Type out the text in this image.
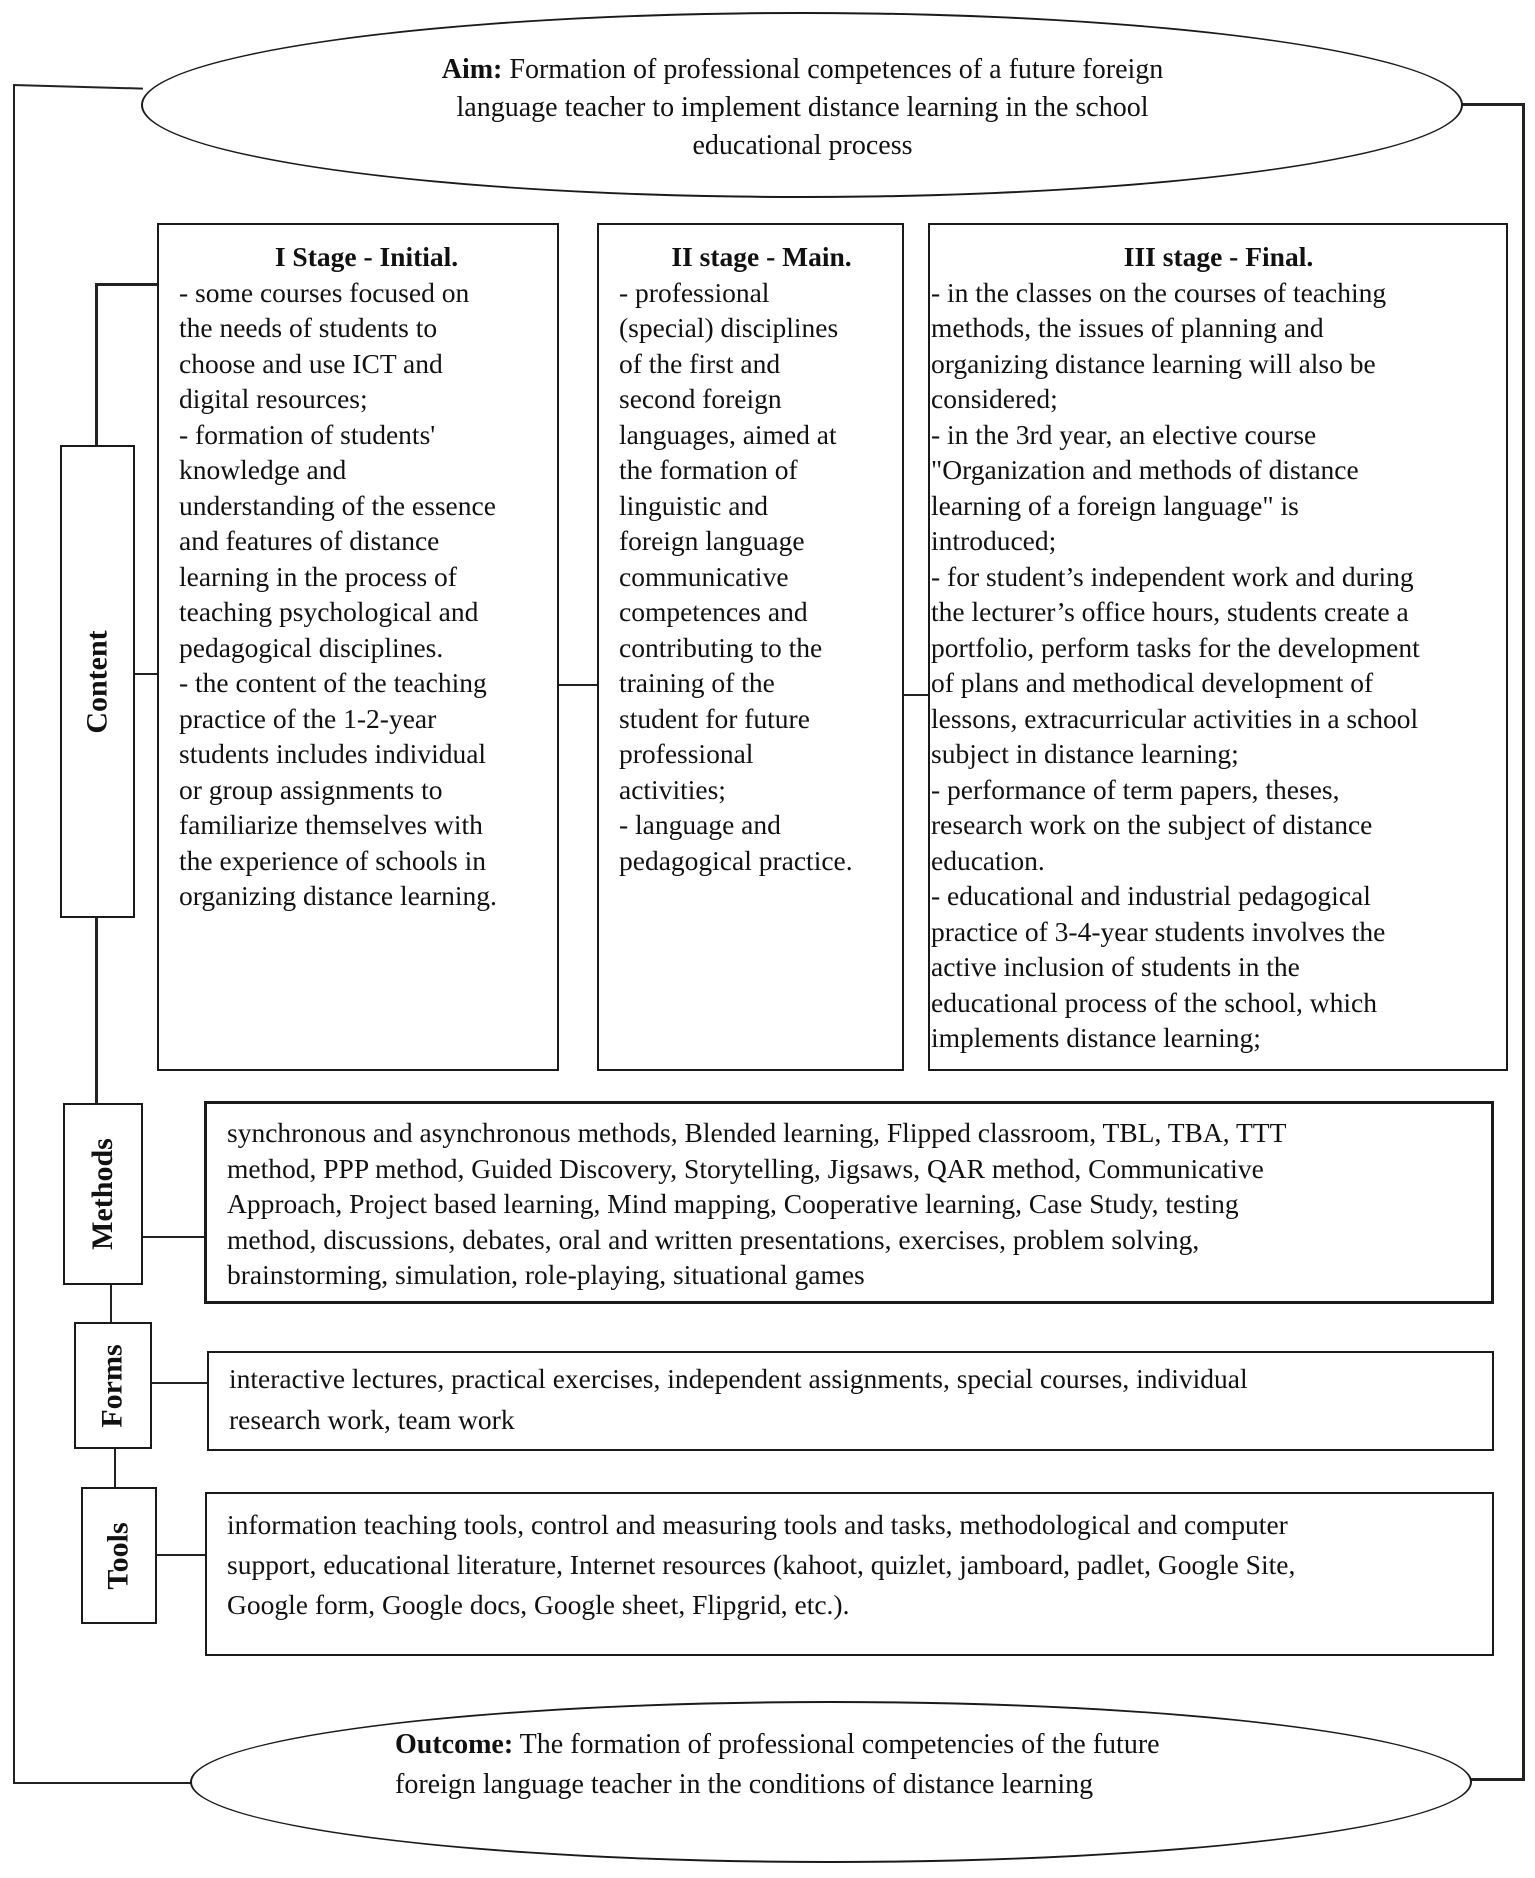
Aim: Formation of professional competences of a future foreign
language teacher to implement distance learning in the school
educational process
Content
I Stage - Initial.
- some courses focused on
the needs of students to
choose and use ICT and
digital resources;
- formation of students'
knowledge and
understanding of the essence
and features of distance
learning in the process of
teaching psychological and
pedagogical disciplines.
- the content of the teaching
practice of the 1-2-year
students includes individual
or group assignments to
familiarize themselves with
the experience of schools in
organizing distance learning.
II stage - Main.
- professional
(special) disciplines
of the first and
second foreign
languages, aimed at
the formation of
linguistic and
foreign language
communicative
competences and
contributing to the
training of the
student for future
professional
activities;
- language and
pedagogical practice.
III stage - Final.
- in the classes on the courses of teaching
methods, the issues of planning and
organizing distance learning will also be
considered;
- in the 3rd year, an elective course
"Organization and methods of distance
learning of a foreign language" is
introduced;
- for student’s independent work and during
the lecturer’s office hours, students create a
portfolio, perform tasks for the development
of plans and methodical development of
lessons, extracurricular activities in a school
subject in distance learning;
- performance of term papers, theses,
research work on the subject of distance
education.
- educational and industrial pedagogical
practice of 3-4-year students involves the
active inclusion of students in the
educational process of the school, which
implements distance learning;
Methods
synchronous and asynchronous methods, Blended learning, Flipped classroom, TBL, TBA, TTT
method, PPP method, Guided Discovery, Storytelling, Jigsaws, QAR method, Communicative
Approach, Project based learning, Mind mapping, Cooperative learning, Case Study, testing
method, discussions, debates, oral and written presentations, exercises, problem solving,
brainstorming, simulation, role-playing, situational games
Forms	interactive lectures, practical exercises, independent assignments, special courses, individual
research work, team work
Tools	information teaching tools, control and measuring tools and tasks, methodological and computer
support, educational literature, Internet resources (kahoot, quizlet, jamboard, padlet, Google Site,
Google form, Google docs, Google sheet, Flipgrid, etc.).
Outcome: The formation of professional competencies of the future
foreign language teacher in the conditions of distance learning
